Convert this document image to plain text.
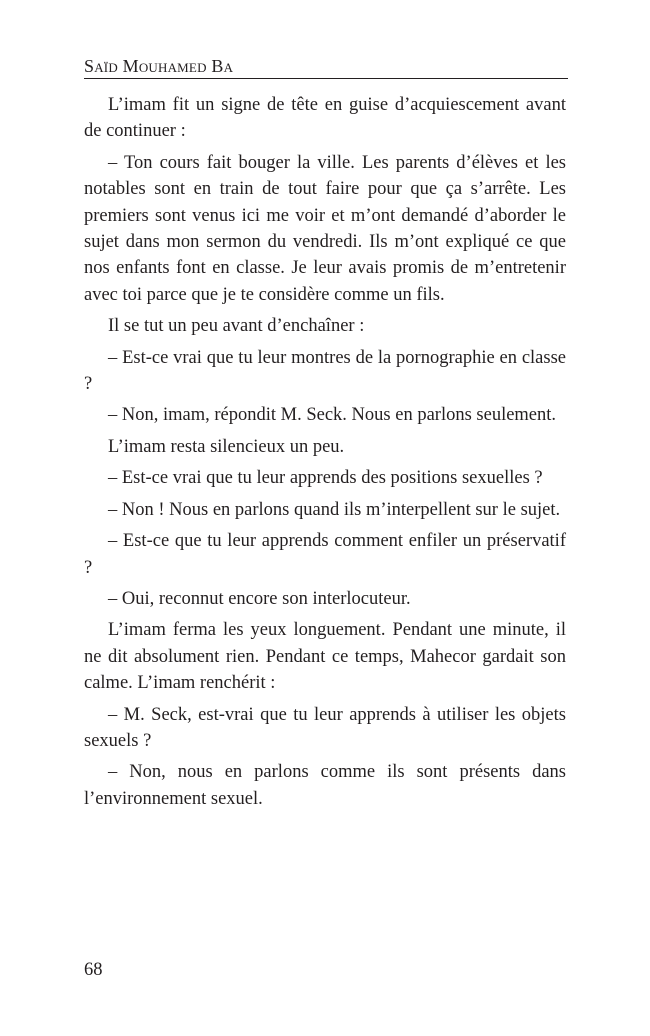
Saïd Mouhamed Ba

L’imam fit un signe de tête en guise d’acquiescement avant de continuer :

– Ton cours fait bouger la ville. Les parents d’élèves et les notables sont en train de tout faire pour que ça s’arrête. Les premiers sont venus ici me voir et m’ont demandé d’aborder le sujet dans mon sermon du vendredi. Ils m’ont expliqué ce que nos enfants font en classe. Je leur avais promis de m’entretenir avec toi parce que je te considère comme un fils.

Il se tut un peu avant d’enchaîner :

– Est-ce vrai que tu leur montres de la pornographie en classe ?

– Non, imam, répondit M. Seck. Nous en parlons seulement.

L’imam resta silencieux un peu.

– Est-ce vrai que tu leur apprends des positions sexuelles ?

– Non ! Nous en parlons quand ils m’interpellent sur le sujet.

– Est-ce que tu leur apprends comment enfiler un préservatif ?

– Oui, reconnut encore son interlocuteur.

L’imam ferma les yeux longuement. Pendant une minute, il ne dit absolument rien. Pendant ce temps, Mahecor gardait son calme. L’imam renchérit :

– M. Seck, est-vrai que tu leur apprends à utiliser les objets sexuels ?

– Non, nous en parlons comme ils sont présents dans l’environnement sexuel.

68
